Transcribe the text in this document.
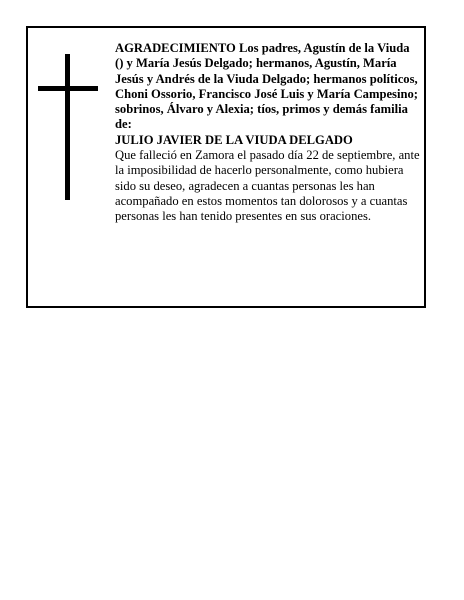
AGRADECIMIENTO Los padres, Agustín de la Viuda () y María Jesús Delgado; hermanos, Agustín, María Jesús y Andrés de la Viuda Delgado; hermanos políticos, Choni Ossorio, Francisco José Luis y María Campesino; sobrinos, Álvaro y Alexia; tíos, primos y demás familia de:

JULIO JAVIER DE LA VIUDA DELGADO

Que falleció en Zamora el pasado día 22 de septiembre, ante la imposibilidad de hacerlo personalmente, como hubiera sido su deseo, agradecen a cuantas personas les han acompañado en estos momentos tan dolorosos y a cuantas personas les han tenido presentes en sus oraciones.
